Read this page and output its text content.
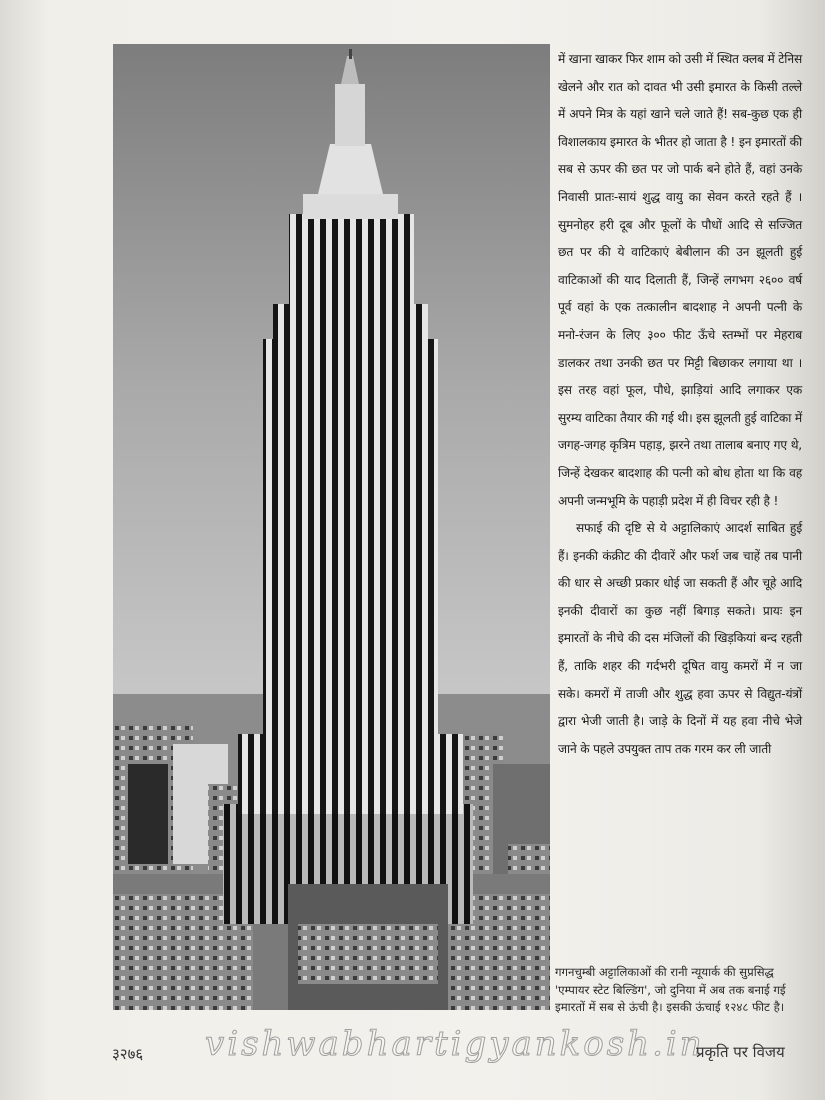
में खाना खाकर फिर शाम को उसी में स्थित क्लब में टेनिस खेलने और रात को दावत भी उसी इमारत के किसी तल्ले में अपने मित्र के यहां खाने चले जाते हैं! सब-कुछ एक ही विशालकाय इमारत के भीतर हो जाता है ! इन इमारतों की सब से ऊपर की छत पर जो पार्क बने होते हैं, वहां उनके निवासी प्रातः-सायं शुद्ध वायु का सेवन करते रहते हैं । सुमनोहर हरी दूब और फूलों के पौधों आदि से सज्जित छत पर की ये वाटिकाएं बेबीलान की उन झूलती हुई वाटिकाओं की याद दिलाती हैं, जिन्हें लगभग २६०० वर्ष पूर्व वहां के एक तत्कालीन बादशाह ने अपनी पत्नी के मनो-रंजन के लिए ३०० फीट ऊँचे स्तम्भों पर मेहराब डालकर तथा उनकी छत पर मिट्टी बिछाकर लगाया था । इस तरह वहां फूल, पौधे, झाड़ियां आदि लगाकर एक सुरम्य वाटिका तैयार की गई थी। इस झूलती हुई वाटिका में जगह-जगह कृत्रिम पहाड़, झरने तथा तालाब बनाए गए थे, जिन्हें देखकर बादशाह की पत्नी को बोध होता था कि वह अपनी जन्मभूमि के पहाड़ी प्रदेश में ही विचर रही है !

सफाई की दृष्टि से ये अट्टालिकाएं आदर्श साबित हुई हैं। इनकी कंक्रीट की दीवारें और फर्श जब चाहें तब पानी की धार से अच्छी प्रकार धोई जा सकती हैं और चूहे आदि इनकी दीवारों का कुछ नहीं बिगाड़ सकते। प्रायः इन इमारतों के नीचे की दस मंजिलों की खिड़कियां बन्द रहती हैं, ताकि शहर की गर्दभरी दूषित वायु कमरों में न जा सके। कमरों में ताजी और शुद्ध हवा ऊपर से विद्युत-यंत्रों द्वारा भेजी जाती है। जाड़े के दिनों में यह हवा नीचे भेजे जाने के पहले उपयुक्त ताप तक गरम कर ली जाती

गगनचुम्बी अट्टालिकाओं की रानी न्यूयार्क की सुप्रसिद्ध 'एम्पायर स्टेट बिल्डिंग', जो दुनिया में अब तक बनाई गई इमारतों में सब से ऊंची है। इसकी ऊंचाई १२४८ फीट है।
vishwabhartigyankosh.in
३२७६	प्रकृति पर विजय
